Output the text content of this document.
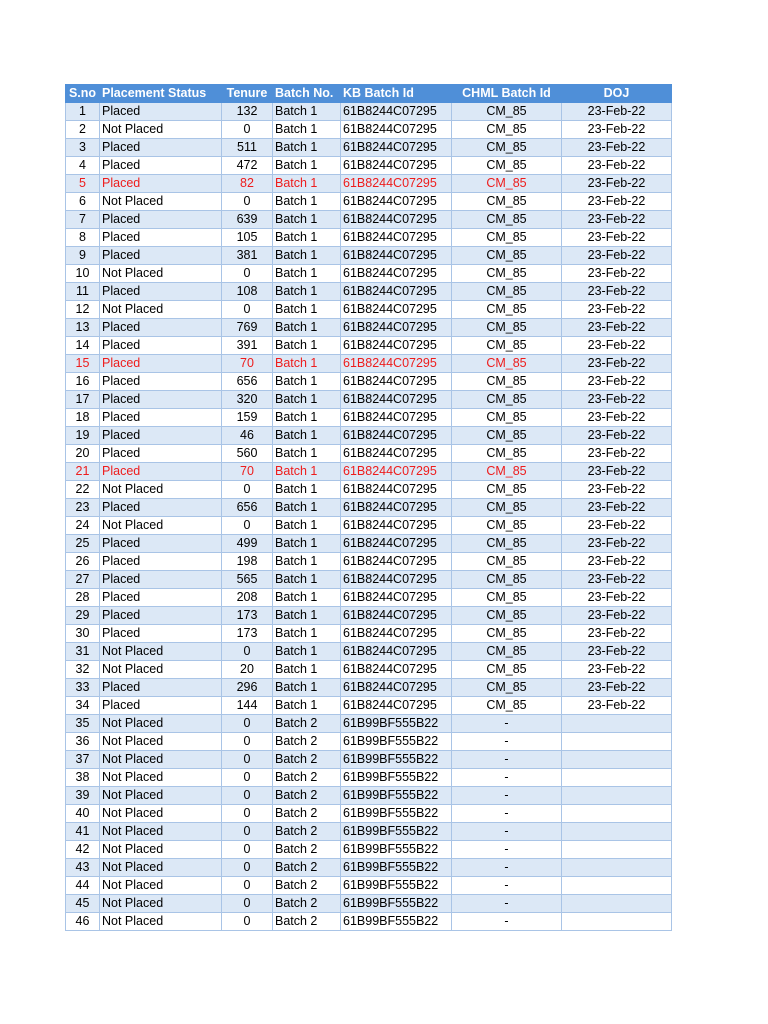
S.no	Placement Status	Tenure	Batch No.	KB Batch Id	CHML Batch Id	DOJ
1	Placed	132	Batch 1	61B8244C07295	CM_85	23-Feb-22
2	Not Placed	0	Batch 1	61B8244C07295	CM_85	23-Feb-22
3	Placed	511	Batch 1	61B8244C07295	CM_85	23-Feb-22
4	Placed	472	Batch 1	61B8244C07295	CM_85	23-Feb-22
5	Placed	82	Batch 1	61B8244C07295	CM_85	23-Feb-22
6	Not Placed	0	Batch 1	61B8244C07295	CM_85	23-Feb-22
7	Placed	639	Batch 1	61B8244C07295	CM_85	23-Feb-22
8	Placed	105	Batch 1	61B8244C07295	CM_85	23-Feb-22
9	Placed	381	Batch 1	61B8244C07295	CM_85	23-Feb-22
10	Not Placed	0	Batch 1	61B8244C07295	CM_85	23-Feb-22
11	Placed	108	Batch 1	61B8244C07295	CM_85	23-Feb-22
12	Not Placed	0	Batch 1	61B8244C07295	CM_85	23-Feb-22
13	Placed	769	Batch 1	61B8244C07295	CM_85	23-Feb-22
14	Placed	391	Batch 1	61B8244C07295	CM_85	23-Feb-22
15	Placed	70	Batch 1	61B8244C07295	CM_85	23-Feb-22
16	Placed	656	Batch 1	61B8244C07295	CM_85	23-Feb-22
17	Placed	320	Batch 1	61B8244C07295	CM_85	23-Feb-22
18	Placed	159	Batch 1	61B8244C07295	CM_85	23-Feb-22
19	Placed	46	Batch 1	61B8244C07295	CM_85	23-Feb-22
20	Placed	560	Batch 1	61B8244C07295	CM_85	23-Feb-22
21	Placed	70	Batch 1	61B8244C07295	CM_85	23-Feb-22
22	Not Placed	0	Batch 1	61B8244C07295	CM_85	23-Feb-22
23	Placed	656	Batch 1	61B8244C07295	CM_85	23-Feb-22
24	Not Placed	0	Batch 1	61B8244C07295	CM_85	23-Feb-22
25	Placed	499	Batch 1	61B8244C07295	CM_85	23-Feb-22
26	Placed	198	Batch 1	61B8244C07295	CM_85	23-Feb-22
27	Placed	565	Batch 1	61B8244C07295	CM_85	23-Feb-22
28	Placed	208	Batch 1	61B8244C07295	CM_85	23-Feb-22
29	Placed	173	Batch 1	61B8244C07295	CM_85	23-Feb-22
30	Placed	173	Batch 1	61B8244C07295	CM_85	23-Feb-22
31	Not Placed	0	Batch 1	61B8244C07295	CM_85	23-Feb-22
32	Not Placed	20	Batch 1	61B8244C07295	CM_85	23-Feb-22
33	Placed	296	Batch 1	61B8244C07295	CM_85	23-Feb-22
34	Placed	144	Batch 1	61B8244C07295	CM_85	23-Feb-22
35	Not Placed	0	Batch 2	61B99BF555B22	-	
36	Not Placed	0	Batch 2	61B99BF555B22	-	
37	Not Placed	0	Batch 2	61B99BF555B22	-	
38	Not Placed	0	Batch 2	61B99BF555B22	-	
39	Not Placed	0	Batch 2	61B99BF555B22	-	
40	Not Placed	0	Batch 2	61B99BF555B22	-	
41	Not Placed	0	Batch 2	61B99BF555B22	-	
42	Not Placed	0	Batch 2	61B99BF555B22	-	
43	Not Placed	0	Batch 2	61B99BF555B22	-	
44	Not Placed	0	Batch 2	61B99BF555B22	-	
45	Not Placed	0	Batch 2	61B99BF555B22	-	
46	Not Placed	0	Batch 2	61B99BF555B22	-	
